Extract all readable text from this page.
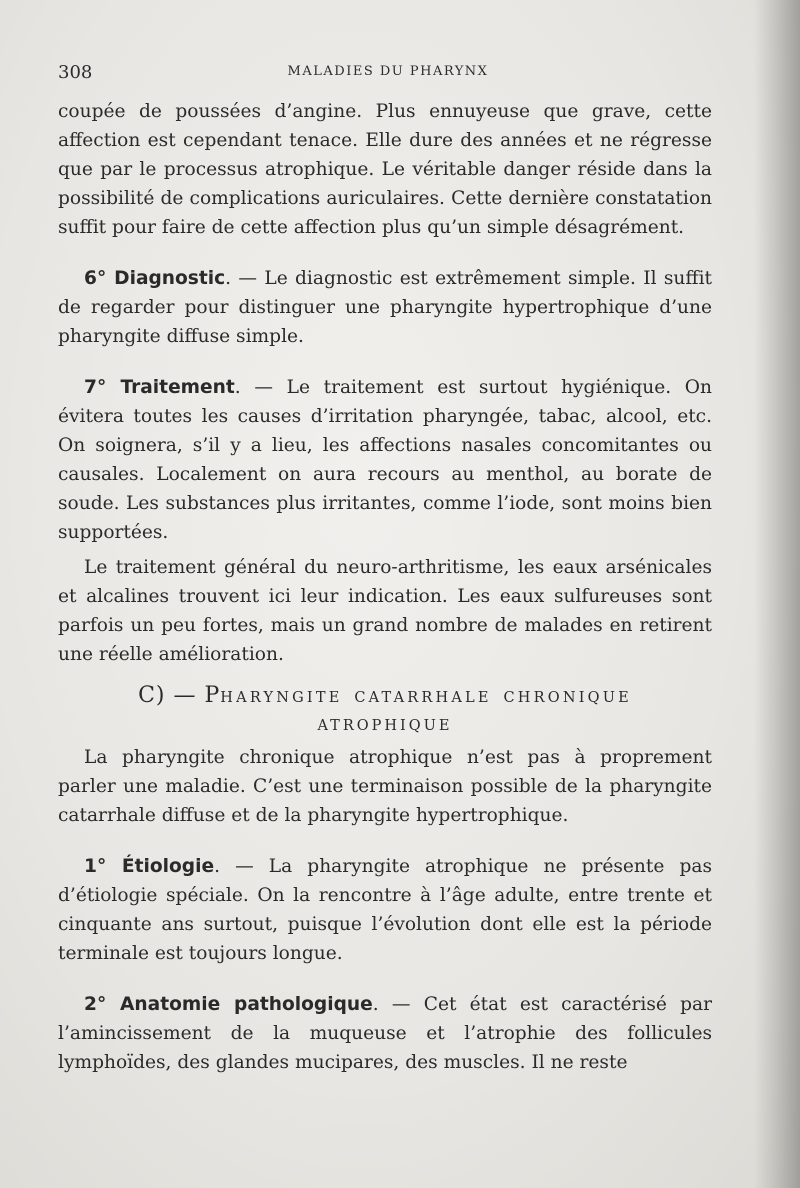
308	MALADIES DU PHARYNX

coupée de poussées d’angine. Plus ennuyeuse que grave, cette affection est cependant tenace. Elle dure des années et ne régresse que par le processus atrophique. Le véritable danger réside dans la possibilité de complications auriculaires. Cette dernière constatation suffit pour faire de cette affection plus qu’un simple désagrément.

6° Diagnostic. — Le diagnostic est extrêmement simple. Il suffit de regarder pour distinguer une pharyngite hypertrophique d’une pharyngite diffuse simple.

7° Traitement. — Le traitement est surtout hygiénique. On évitera toutes les causes d’irritation pharyngée, tabac, alcool, etc. On soignera, s’il y a lieu, les affections nasales concomitantes ou causales. Localement on aura recours au menthol, au borate de soude. Les substances plus irritantes, comme l’iode, sont moins bien supportées.

Le traitement général du neuro-arthritisme, les eaux arsénicales et alcalines trouvent ici leur indication. Les eaux sulfureuses sont parfois un peu fortes, mais un grand nombre de malades en retirent une réelle amélioration.

C) — PHARYNGITE CATARRHALE CHRONIQUE
ATROPHIQUE

La pharyngite chronique atrophique n’est pas à proprement parler une maladie. C’est une terminaison possible de la pharyngite catarrhale diffuse et de la pharyngite hypertrophique.

1° Étiologie. — La pharyngite atrophique ne présente pas d’étiologie spéciale. On la rencontre à l’âge adulte, entre trente et cinquante ans surtout, puisque l’évolution dont elle est la période terminale est toujours longue.

2° Anatomie pathologique. — Cet état est caractérisé par l’amincissement de la muqueuse et l’atrophie des follicules lymphoïdes, des glandes mucipares, des muscles. Il ne reste
